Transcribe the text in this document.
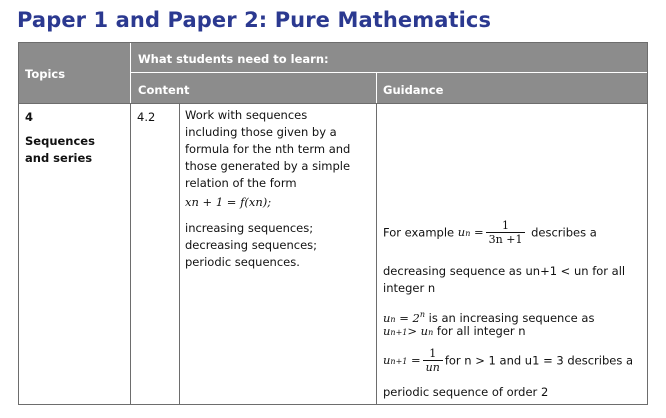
Paper 1 and Paper 2: Pure Mathematics
Topics
What students need to learn:
Content	Guidance
4
Sequences
and series
4.2	Work with sequences
including those given by a
formula for the nth term and
those generated by a simple
relation of the form
xn + 1 = f(xn);
increasing sequences;
decreasing sequences;
periodic sequences.
For example un = $\frac{1}{3n +1}$ describes a
decreasing sequence as un+1 < un for all
integer n
un = $2^n$ is an increasing sequence as
un+1> un for all integer n
$un+1 = \frac{1}{un}$ for n > 1 and u1 = 3 describes a
periodic sequence of order 2
